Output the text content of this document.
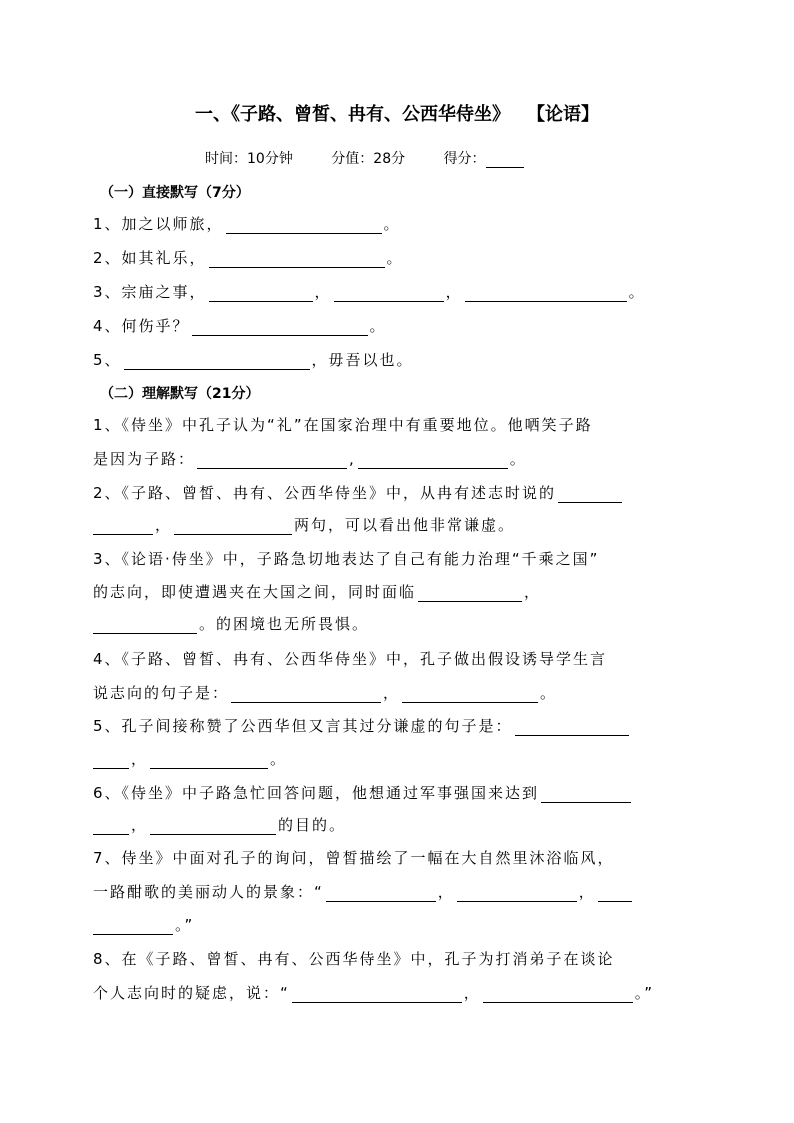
一、《子路、曾皙、冉有、公西华侍坐》 【论语】
时间：10分钟	分值：28分	得分：
（一）直接默写（7分）
1、加之以师旅，	。
2、如其礼乐，	。
3、宗庙之事，	，	，	。
4、何伤乎？	。
5、	，毋吾以也。
（二）理解默写（21分）
1、《侍坐》中孔子认为“礼”在国家治理中有重要地位。他哂笑子路
是因为子路：	,	。
2、《子路、曾皙、冉有、公西华侍坐》中，从冉有述志时说的
，	两句，可以看出他非常谦虚。
3、《论语·侍坐》中，子路急切地表达了自己有能力治理“千乘之国”
的志向，即使遭遇夹在大国之间，同时面临	，
。的困境也无所畏惧。
4、《子路、曾皙、冉有、公西华侍坐》中，孔子做出假设诱导学生言
说志向的句子是：	，	。
5、孔子间接称赞了公西华但又言其过分谦虚的句子是：
，	。
6、《侍坐》中子路急忙回答问题，他想通过军事强国来达到
，	的目的。
7、侍坐》中面对孔子的询问，曾皙描绘了一幅在大自然里沐浴临风，
一路酣歌的美丽动人的景象：“	，	，
。”
8、在《子路、曾皙、冉有、公西华侍坐》中，孔子为打消弟子在谈论
个人志向时的疑虑，说：“	，	。”
